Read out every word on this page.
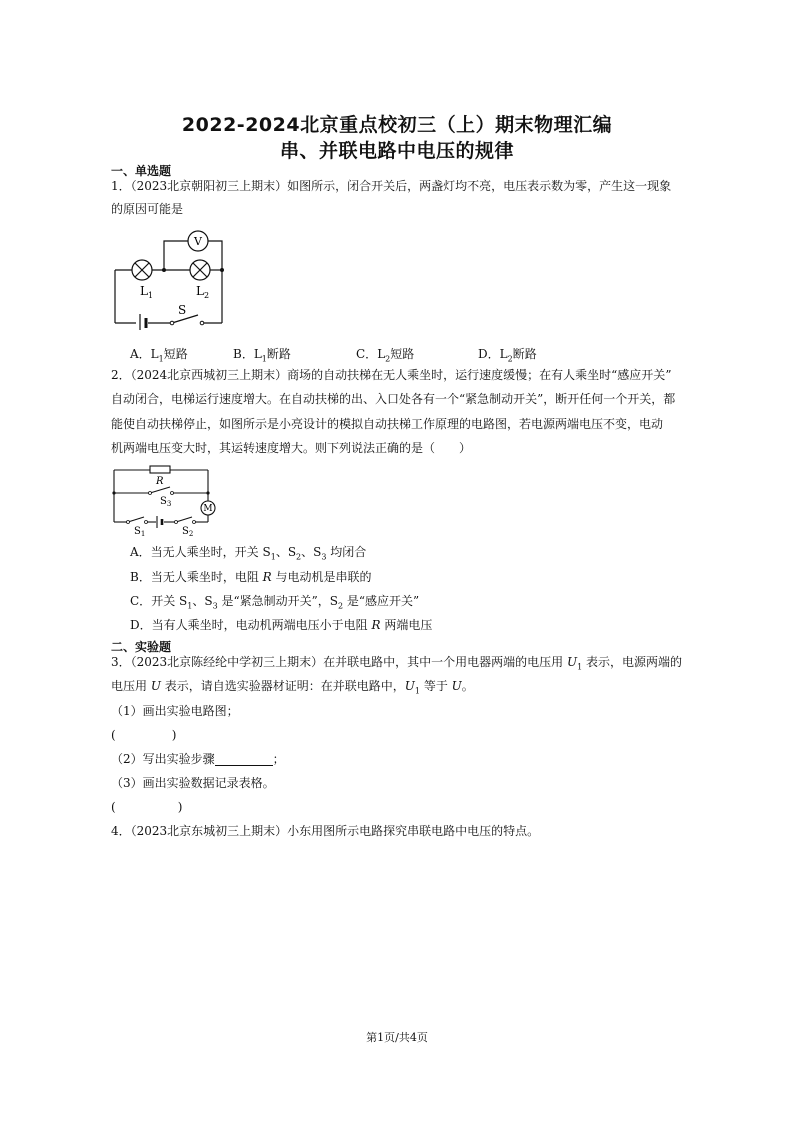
2022-2024北京重点校初三（上）期末物理汇编
串、并联电路中电压的规律
一、单选题
1．（2023北京朝阳初三上期末）如图所示，闭合开关后，两盏灯均不亮，电压表示数为零，产生这一现象
的原因可能是
V
$L_1$	$L_2$
S
A．$L_1$短路	B．$L_1$断路	C．$L_2$短路	D．$L_2$断路
2．（2024北京西城初三上期末）商场的自动扶梯在无人乘坐时，运行速度缓慢；在有人乘坐时“感应开关”
自动闭合，电梯运行速度增大。在自动扶梯的出、入口处各有一个“紧急制动开关”，断开任何一个开关，都
能使自动扶梯停止，如图所示是小亮设计的模拟自动扶梯工作原理的电路图，若电源两端电压不变，电动
机两端电压变大时，其运转速度增大。则下列说法正确的是（　　）
R
$S_3$	M
$S_1$	$S_2$
A．当无人乘坐时，开关 $S_1$、$S_2$、$S_3$ 均闭合
B．当无人乘坐时，电阻 R 与电动机是串联的
C．开关 $S_1$、$S_3$ 是“紧急制动开关”，$S_2$ 是“感应开关”
D．当有人乘坐时，电动机两端电压小于电阻 R 两端电压
二、实验题
3．（2023北京陈经纶中学初三上期末）在并联电路中，其中一个用电器两端的电压用 $U_1$ 表示，电源两端的
电压用 U 表示，请自选实验器材证明：在并联电路中，$U_1$ 等于 U。
（1）画出实验电路图；
(	)
（2）写出实验步骤	；
（3）画出实验数据记录表格。
(	)
4．（2023北京东城初三上期末）小东用图所示电路探究串联电路中电压的特点。
第1页/共4页
